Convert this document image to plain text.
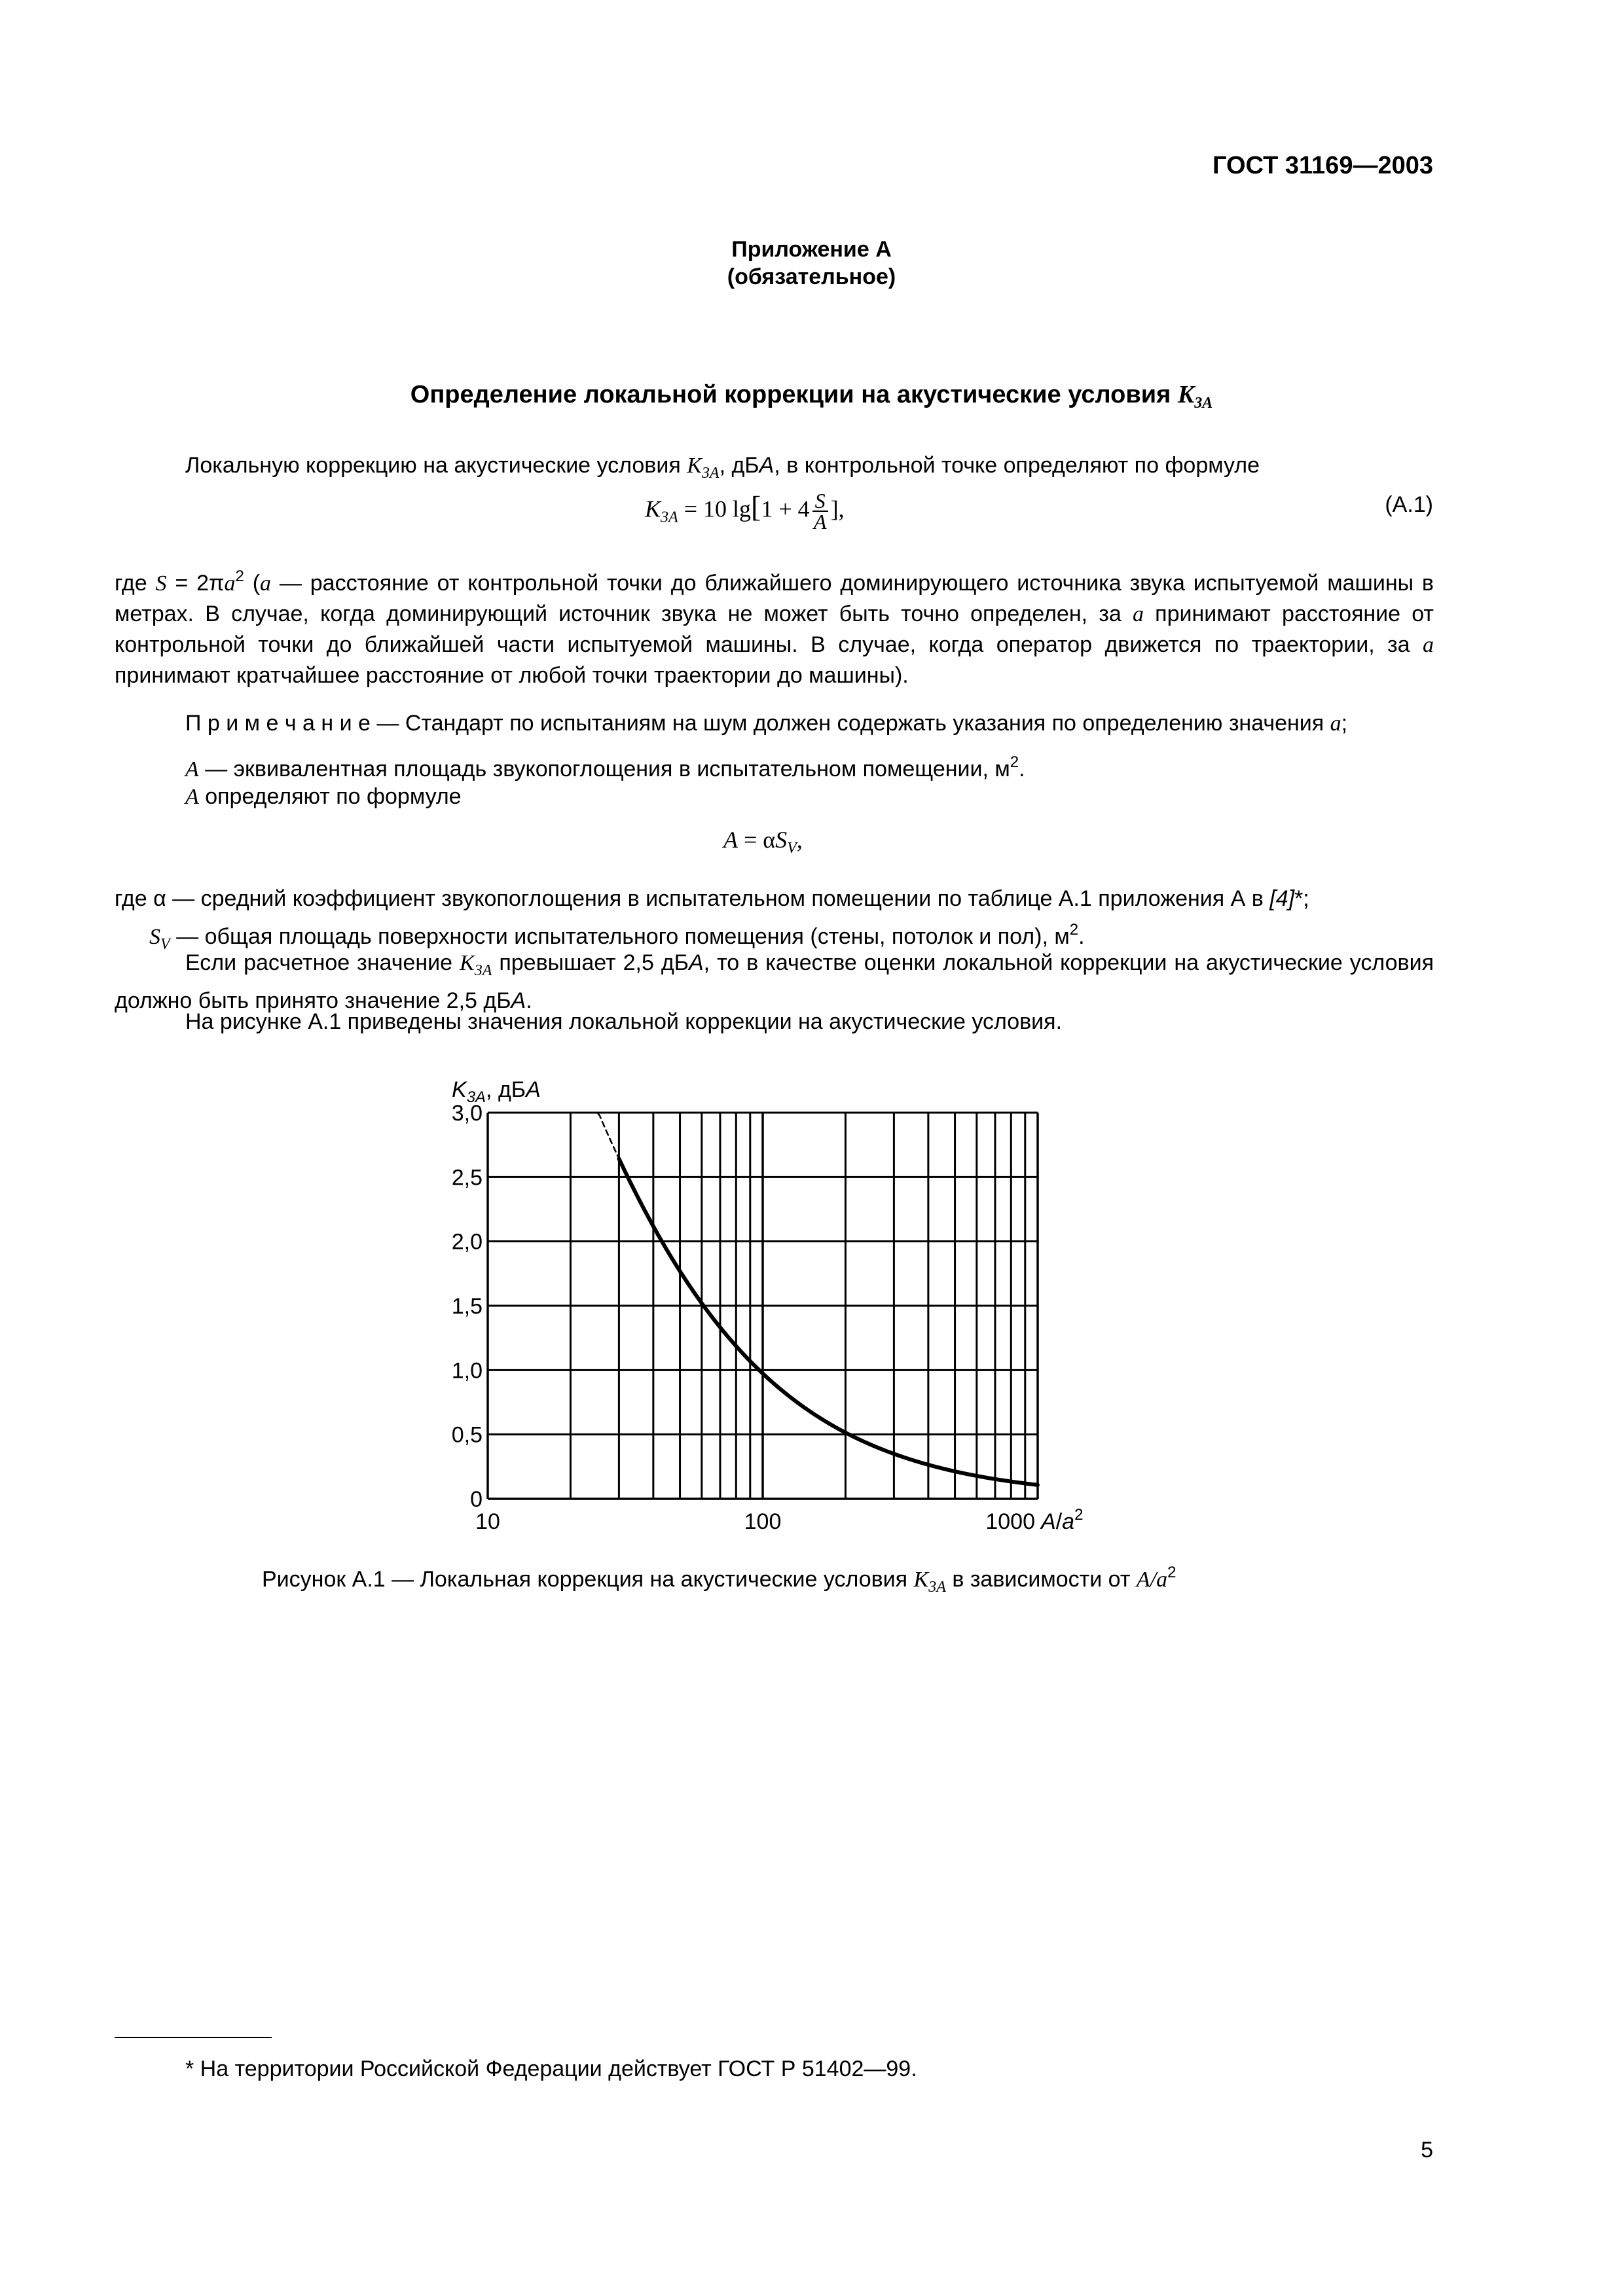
ГОСТ 31169—2003
Приложение А
(обязательное)
Определение локальной коррекции на акустические условия $K_{3A}$
Локальную коррекцию на акустические условия $K_{3A}$, дБA, в контрольной точке определяют по формуле
$K_{3A} = 10$ $\lg[1 + 4 \frac{S}{A}$ ],	(А.1)
где $S = 2\pi a^2$ (a — расстояние от контрольной точки до ближайшего доминирующего источника звука испытуемой машины в метрах. В случае, когда доминирующий источник звука не может быть точно определен, за a принимают расстояние от контрольной точки до ближайшей части испытуемой машины. В случае, когда оператор движется по траектории, за a принимают кратчайшее расстояние от любой точки траектории до машины).
П р и м е ч а н и е — Стандарт по испытаниям на шум должен содержать указания по определению значения a;
A — эквивалентная площадь звукопоглощения в испытательном помещении, $м^2$.
A определяют по формуле
$A = \alpha S_V$,
где α — средний коэффициент звукопоглощения в испытательном помещении по таблице А.1 приложения А в [4]*;
$S_V$ — общая площадь поверхности испытательного помещения (стены, потолок и пол), $м^2$.
Если расчетное значение $K_{3A}$ превышает 2,5 дБA, то в качестве оценки локальной коррекции на акустические условия должно быть принято значение 2,5 дБA.
На рисунке А.1 приведены значения локальной коррекции на акустические условия.
$K_{3A}$, дБA
0
0,5
1,0
1,5
2,0
2,5
3,0
10	100	1000 $A/a^2$
Рисунок А.1 — Локальная коррекция на акустические условия $K_{3A}$ в зависимости от $A/a^2$
* На территории Российской Федерации действует ГОСТ Р 51402—99.
5
